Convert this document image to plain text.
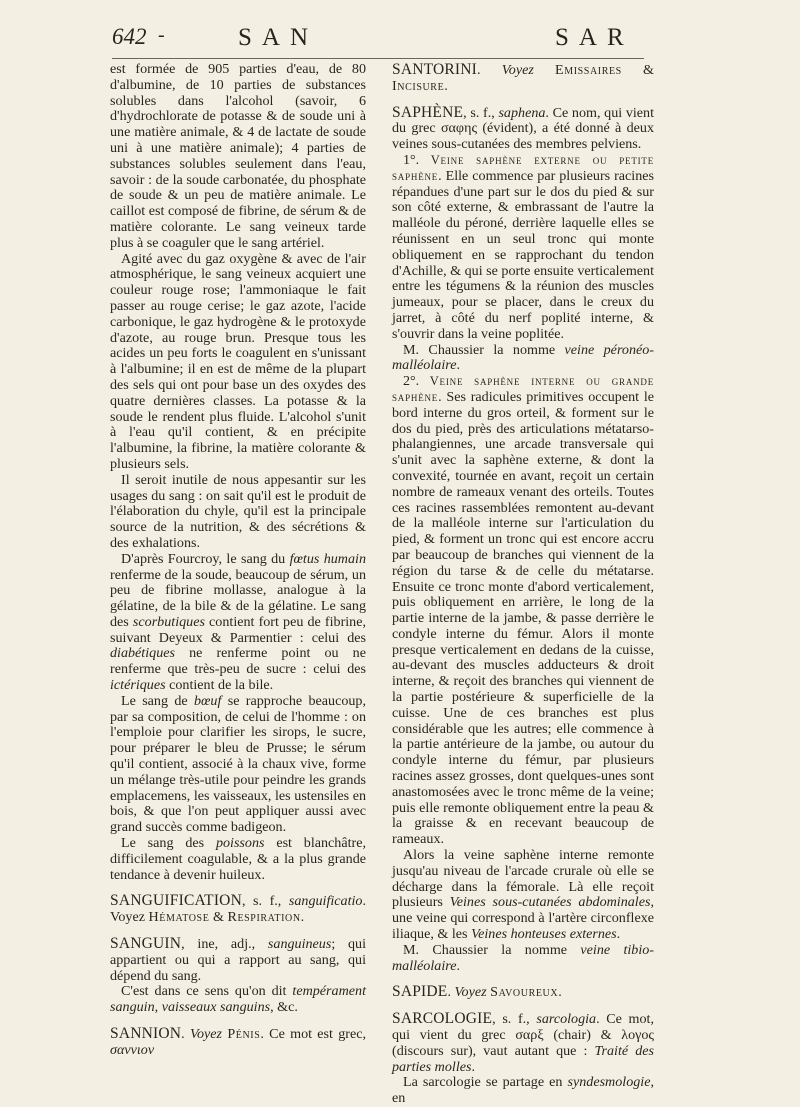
642 -	SAN	SAR

est formée de 905 parties d'eau, de 80 d'albumine, de 10 parties de substances solubles dans l'alcohol (savoir, 6 d'hydrochlorate de potasse & de soude uni à une matière animale, & 4 de lactate de soude uni à une matière animale); 4 parties de substances solubles seulement dans l'eau, savoir : de la soude carbonatée, du phosphate de soude & un peu de matière animale. Le caillot est composé de fibrine, de sérum & de matière colorante. Le sang veineux tarde plus à se coaguler que le sang artériel.

Agité avec du gaz oxygène & avec de l'air atmosphérique, le sang veineux acquiert une couleur rouge rose; l'ammoniaque le fait passer au rouge cerise; le gaz azote, l'acide carbonique, le gaz hydrogène & le protoxyde d'azote, au rouge brun. Presque tous les acides un peu forts le coagulent en s'unissant à l'albumine; il en est de même de la plupart des sels qui ont pour base un des oxydes des quatre dernières classes. La potasse & la soude le rendent plus fluide. L'alcohol s'unit à l'eau qu'il contient, & en précipite l'albumine, la fibrine, la matière colorante & plusieurs sels.

Il seroit inutile de nous appesantir sur les usages du sang : on sait qu'il est le produit de l'élaboration du chyle, qu'il est la principale source de la nutrition, & des sécrétions & des exhalations.

D'après Fourcroy, le sang du fœtus humain renferme de la soude, beaucoup de sérum, un peu de fibrine mollasse, analogue à la gélatine, de la bile & de la gélatine. Le sang des scorbutiques contient fort peu de fibrine, suivant Deyeux & Parmentier : celui des diabétiques ne renferme point ou ne renferme que très-peu de sucre : celui des ictériques contient de la bile.

Le sang de bœuf se rapproche beaucoup, par sa composition, de celui de l'homme : on l'emploie pour clarifier les sirops, le sucre, pour préparer le bleu de Prusse; le sérum qu'il contient, associé à la chaux vive, forme un mélange très-utile pour peindre les grands emplacemens, les vaisseaux, les ustensiles en bois, & que l'on peut appliquer aussi avec grand succès comme badigeon.

Le sang des poissons est blanchâtre, difficilement coagulable, & a la plus grande tendance à devenir huileux.

SANGUIFICATION, s. f., sanguificatio. Voyez Hématose & Respiration.

SANGUIN, ine, adj., sanguineus; qui appartient ou qui a rapport au sang, qui dépend du sang.

C'est dans ce sens qu'on dit tempérament sanguin, vaisseaux sanguins, &c.

SANNION. Voyez Pénis. Ce mot est grec, σαννιον

SANTORINI. Voyez Emissaires & Incisure.

SAPHÈNE, s. f., saphena. Ce nom, qui vient du grec σαφης (évident), a été donné à deux veines sous-cutanées des membres pelviens.

1°. Veine saphène externe ou petite saphène. Elle commence par plusieurs racines répandues d'une part sur le dos du pied & sur son côté externe, & embrassant de l'autre la malléole du péroné, derrière laquelle elles se réunissent en un seul tronc qui monte obliquement en se rapprochant du tendon d'Achille, & qui se porte ensuite verticalement entre les tégumens & la réunion des muscles jumeaux, pour se placer, dans le creux du jarret, à côté du nerf poplité interne, & s'ouvrir dans la veine poplitée.

M. Chaussier la nomme veine péronéo-malléolaire.

2°. Veine saphène interne ou grande saphène. Ses radicules primitives occupent le bord interne du gros orteil, & forment sur le dos du pied, près des articulations métatarso-phalangiennes, une arcade transversale qui s'unit avec la saphène externe, & dont la convexité, tournée en avant, reçoit un certain nombre de rameaux venant des orteils. Toutes ces racines rassemblées remontent au-devant de la malléole interne sur l'articulation du pied, & forment un tronc qui est encore accru par beaucoup de branches qui viennent de la région du tarse & de celle du métatarse. Ensuite ce tronc monte d'abord verticalement, puis obliquement en arrière, le long de la partie interne de la jambe, & passe derrière le condyle interne du fémur. Alors il monte presque verticalement en dedans de la cuisse, au-devant des muscles adducteurs & droit interne, & reçoit des branches qui viennent de la partie postérieure & superficielle de la cuisse. Une de ces branches est plus considérable que les autres; elle commence à la partie antérieure de la jambe, ou autour du condyle interne du fémur, par plusieurs racines assez grosses, dont quelques-unes sont anastomosées avec le tronc même de la veine; puis elle remonte obliquement entre la peau & la graisse & en recevant beaucoup de rameaux.

Alors la veine saphène interne remonte jusqu'au niveau de l'arcade crurale où elle se décharge dans la fémorale. Là elle reçoit plusieurs Veines sous-cutanées abdominales, une veine qui correspond à l'artère circonflexe iliaque, & les Veines honteuses externes.

M. Chaussier la nomme veine tibio-malléolaire.

SAPIDE. Voyez Savoureux.

SARCOLOGIE, s. f., sarcologia. Ce mot, qui vient du grec σαρξ (chair) & λογος (discours sur), vaut autant que : Traité des parties molles.

La sarcologie se partage en syndesmologie, en
